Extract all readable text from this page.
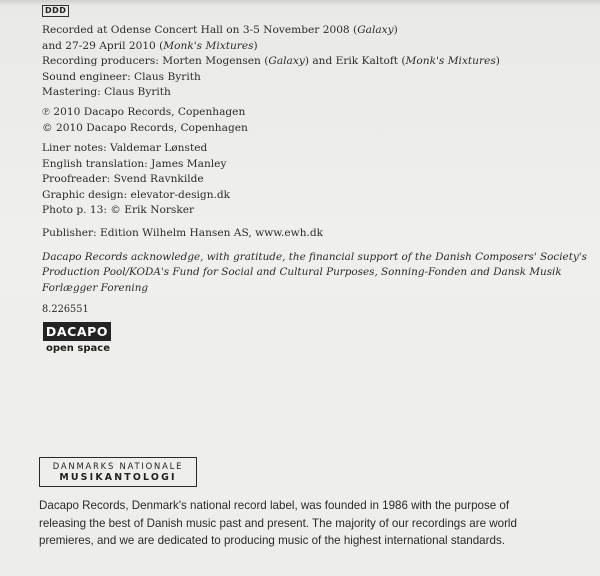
DDD

Recorded at Odense Concert Hall on 3-5 November 2008 (Galaxy)

and 27-29 April 2010 (Monk's Mixtures)

Recording producers: Morten Mogensen (Galaxy) and Erik Kaltoft (Monk's Mixtures)

Sound engineer: Claus Byrith

Mastering: Claus Byrith

℗ 2010 Dacapo Records, Copenhagen

© 2010 Dacapo Records, Copenhagen

Liner notes: Valdemar Lønsted

English translation: James Manley

Proofreader: Svend Ravnkilde

Graphic design: elevator-design.dk

Photo p. 13: © Erik Norsker

Publisher: Edition Wilhelm Hansen AS, www.ewh.dk

Dacapo Records acknowledge, with gratitude, the financial support of the Danish Composers' Society's

Production Pool/KODA's Fund for Social and Cultural Purposes, Sonning-Fonden and Dansk Musik

Forlægger Forening

8.226551

DACAPO
open space
DANMARKS NATIONALE
MUSIKANTOLOGI

Dacapo Records, Denmark's national record label, was founded in 1986 with the purpose of

releasing the best of Danish music past and present. The majority of our recordings are world

premieres, and we are dedicated to producing music of the highest international standards.
